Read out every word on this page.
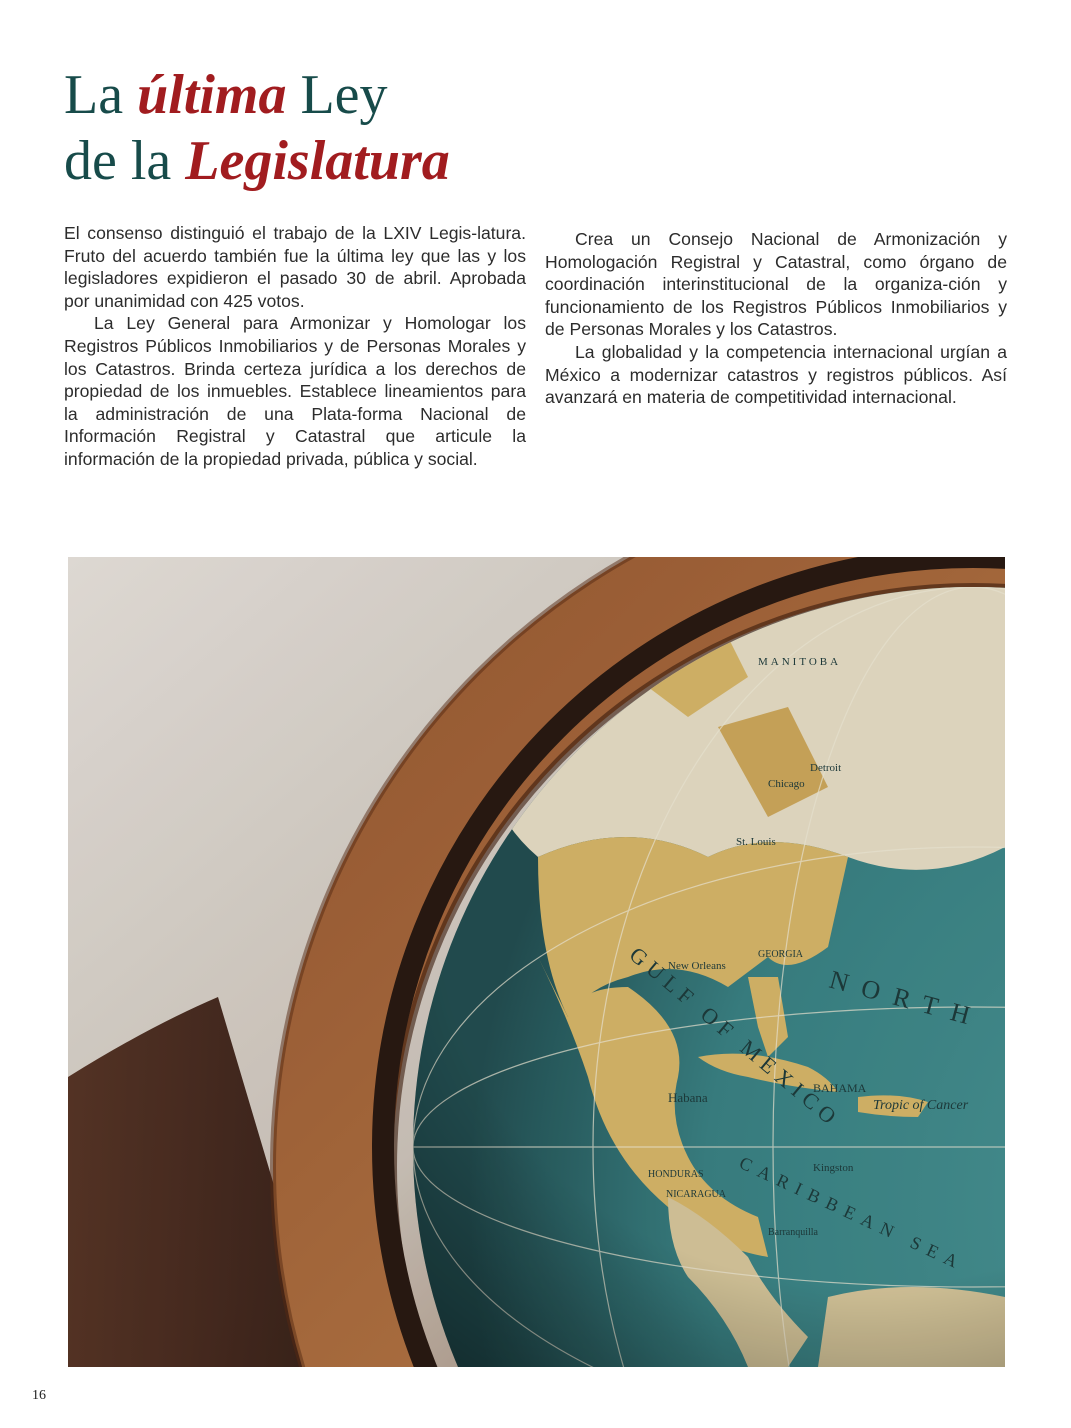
La última Ley
de la Legislatura

El consenso distinguió el trabajo de la LXIV Legis-latura. Fruto del acuerdo también fue la última ley que las y los legisladores expidieron el pasado 30 de abril. Aprobada por unanimidad con 425 votos.

La Ley General para Armonizar y Homologar los Registros Públicos Inmobiliarios y de Personas Morales y los Catastros. Brinda certeza jurídica a los derechos de propiedad de los inmuebles. Establece lineamientos para la administración de una Plata-forma Nacional de Información Registral y Catastral que articule la información de la propiedad privada, pública y social.

Crea un Consejo Nacional de Armonización y Homologación Registral y Catastral, como órgano de coordinación interinstitucional de la organiza-ción y funcionamiento de los Registros Públicos Inmobiliarios y de Personas Morales y los Catastros.

La globalidad y la competencia internacional urgían a México a modernizar catastros y registros públicos. Así avanzará en materia de competitividad internacional.

16
